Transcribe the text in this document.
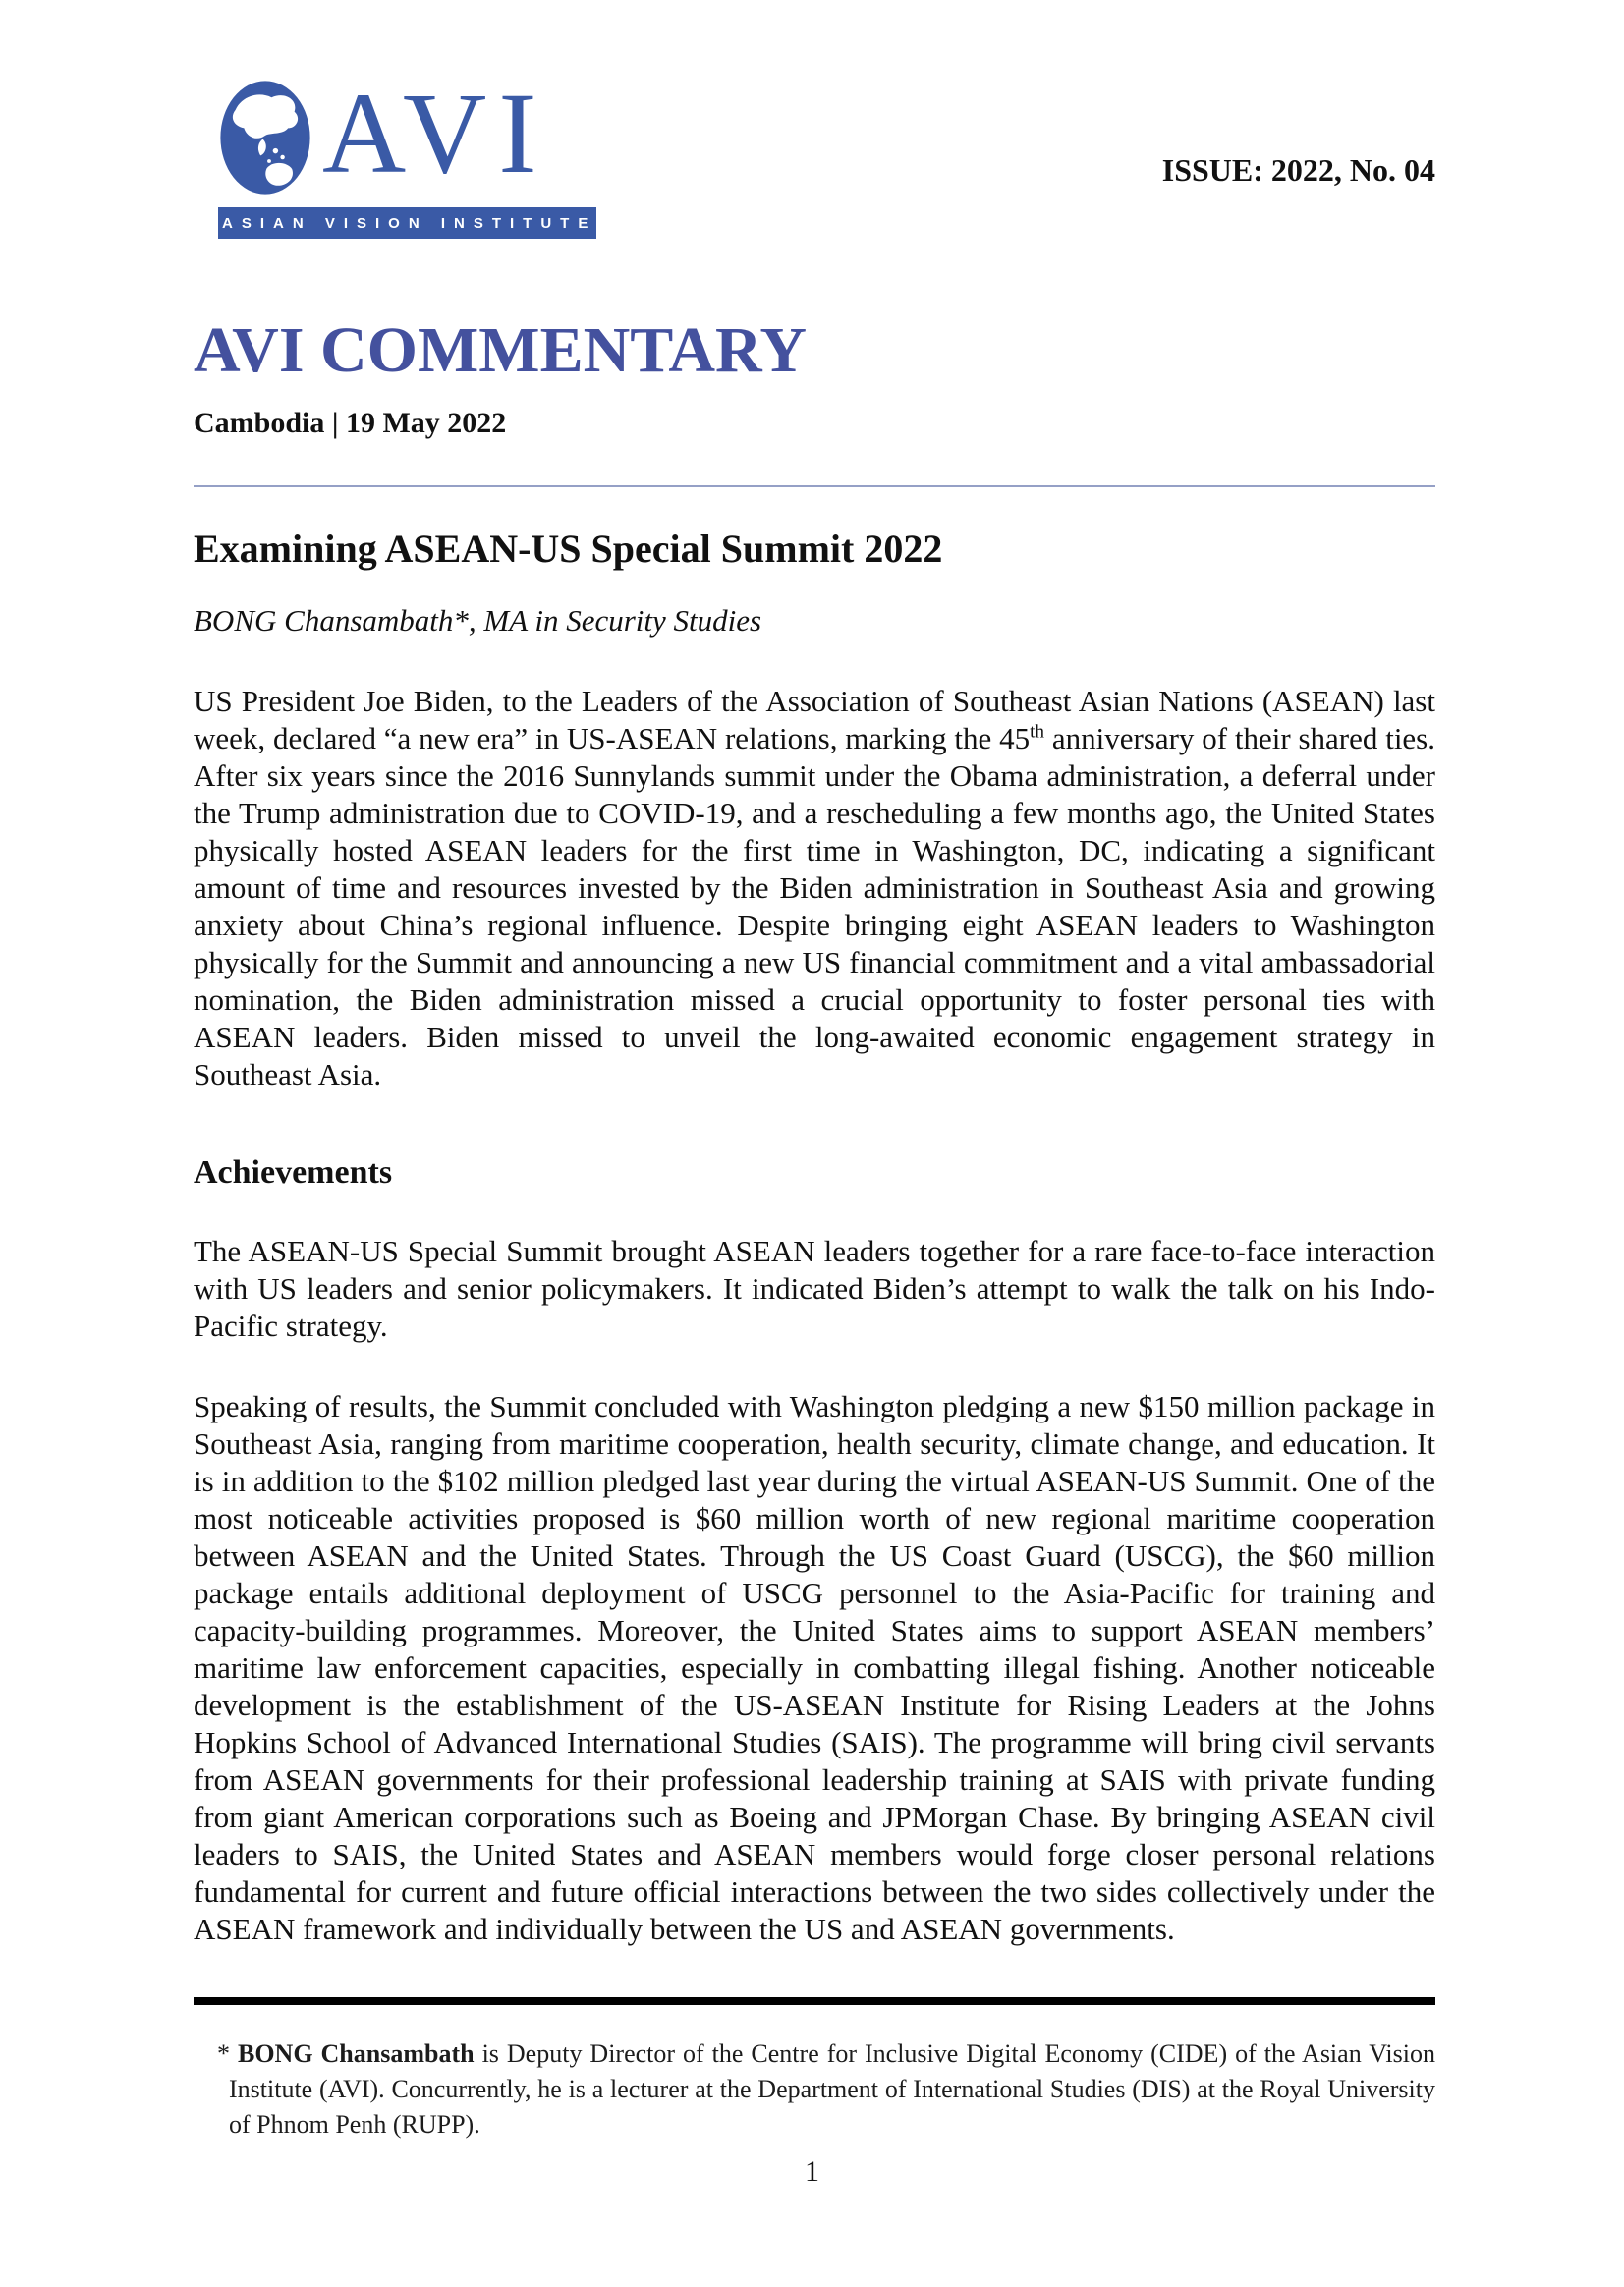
AVI
ASIAN VISION INSTITUTE
ISSUE: 2022, No. 04
AVI COMMENTARY
Cambodia | 19 May 2022
Examining ASEAN-US Special Summit 2022
BONG Chansambath*, MA in Security Studies

US President Joe Biden, to the Leaders of the Association of Southeast Asian Nations (ASEAN) last week, declared “a new era” in US-ASEAN relations, marking the 45th anniversary of their shared ties. After six years since the 2016 Sunnylands summit under the Obama administration, a deferral under the Trump administration due to COVID-19, and a rescheduling a few months ago, the United States physically hosted ASEAN leaders for the first time in Washington, DC, indicating a significant amount of time and resources invested by the Biden administration in Southeast Asia and growing anxiety about China’s regional influence. Despite bringing eight ASEAN leaders to Washington physically for the Summit and announcing a new US financial commitment and a vital ambassadorial nomination, the Biden administration missed a crucial opportunity to foster personal ties with ASEAN leaders. Biden missed to unveil the long-awaited economic engagement strategy in Southeast Asia.

Achievements

The ASEAN-US Special Summit brought ASEAN leaders together for a rare face-to-face interaction with US leaders and senior policymakers. It indicated Biden’s attempt to walk the talk on his Indo-Pacific strategy.

Speaking of results, the Summit concluded with Washington pledging a new $150 million package in Southeast Asia, ranging from maritime cooperation, health security, climate change, and education. It is in addition to the $102 million pledged last year during the virtual ASEAN-US Summit. One of the most noticeable activities proposed is $60 million worth of new regional maritime cooperation between ASEAN and the United States. Through the US Coast Guard (USCG), the $60 million package entails additional deployment of USCG personnel to the Asia-Pacific for training and capacity-building programmes. Moreover, the United States aims to support ASEAN members’ maritime law enforcement capacities, especially in combatting illegal fishing. Another noticeable development is the establishment of the US-ASEAN Institute for Rising Leaders at the Johns Hopkins School of Advanced International Studies (SAIS). The programme will bring civil servants from ASEAN governments for their professional leadership training at SAIS with private funding from giant American corporations such as Boeing and JPMorgan Chase. By bringing ASEAN civil leaders to SAIS, the United States and ASEAN members would forge closer personal relations fundamental for current and future official interactions between the two sides collectively under the ASEAN framework and individually between the US and ASEAN governments.

* BONG Chansambath is Deputy Director of the Centre for Inclusive Digital Economy (CIDE) of the Asian Vision Institute (AVI). Concurrently, he is a lecturer at the Department of International Studies (DIS) at the Royal University of Phnom Penh (RUPP).
1
